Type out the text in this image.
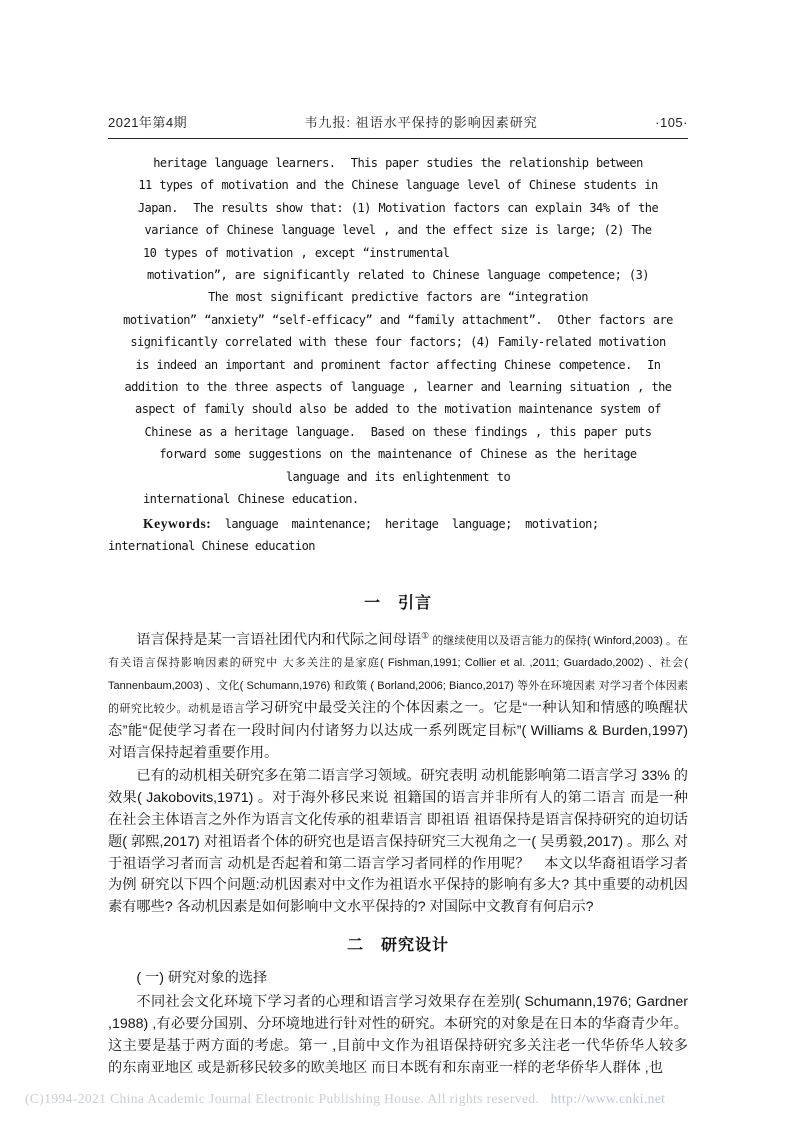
2021年第4期	韦九报: 祖语水平保持的影响因素研究	·105·
heritage language learners.  This paper studies the relationship between
11 types of motivation and the Chinese language level of Chinese students in
Japan.  The results show that: (1) Motivation factors can explain 34% of the
variance of Chinese language level , and the effect size is large; (2) The
10 types of motivation , except “instrumental
motivation”, are significantly related to Chinese language competence; (3)
The most significant predictive factors are “integration
motivation” “anxiety” “self-efficacy” and “family attachment”.  Other factors are
significantly correlated with these four factors; (4) Family-related motivation
is indeed an important and prominent factor affecting Chinese competence.  In
addition to the three aspects of language , learner and learning situation , the
aspect of family should also be added to the motivation maintenance system of
Chinese as a heritage language.  Based on these findings , this paper puts
forward some suggestions on the maintenance of Chinese as the heritage
language and its enlightenment to
international Chinese education.
Keywords:  language  maintenance;  heritage  language;  motivation;
international Chinese education
一　引言

语言保持是某一言语社团代内和代际之间母语① 的继续使用以及语言能力的保持( Winford,2003) 。在有关语言保持影响因素的研究中 大多关注的是家庭( Fishman,1991; Collier et al. ,2011; Guardado,2002) 、社会( Tannenbaum,2003) 、文化( Schumann,1976) 和政策 ( Borland,2006; Bianco,2017) 等外在环境因素 对学习者个体因素的研究比较少。动机是语言学习研究中最受关注的个体因素之一。它是“一种认知和情感的唤醒状态”能“促使学习者在一段时间内付诸努力以达成一系列既定目标”( Williams & Burden,1997) 对语言保持起着重要作用。

已有的动机相关研究多在第二语言学习领域。研究表明 动机能影响第二语言学习 33% 的效果( Jakobovits,1971) 。对于海外移民来说 祖籍国的语言并非所有人的第二语言 而是一种在社会主体语言之外作为语言文化传承的祖辈语言 即祖语 祖语保持是语言保持研究的迫切话题( 郭熙,2017) 对祖语者个体的研究也是语言保持研究三大视角之一( 吴勇毅,2017) 。那么 对于祖语学习者而言 动机是否起着和第二语言学习者同样的作用呢？　本文以华裔祖语学习者为例 研究以下四个问题:动机因素对中文作为祖语水平保持的影响有多大? 其中重要的动机因素有哪些? 各动机因素是如何影响中文水平保持的? 对国际中文教育有何启示?

二　研究设计

( 一) 研究对象的选择

不同社会文化环境下学习者的心理和语言学习效果存在差别( Schumann,1976; Gardner ,1988) ,有必要分国别、分环境地进行针对性的研究。本研究的对象是在日本的华裔青少年。这主要是基于两方面的考虑。第一 ,目前中文作为祖语保持研究多关注老一代华侨华人较多　的东南亚地区 或是新移民较多的欧美地区 而日本既有和东南亚一样的老华侨华人群体 ,也

(C)1994-2021 China Academic Journal Electronic Publishing House. All rights reserved. http://www.cnki.net
